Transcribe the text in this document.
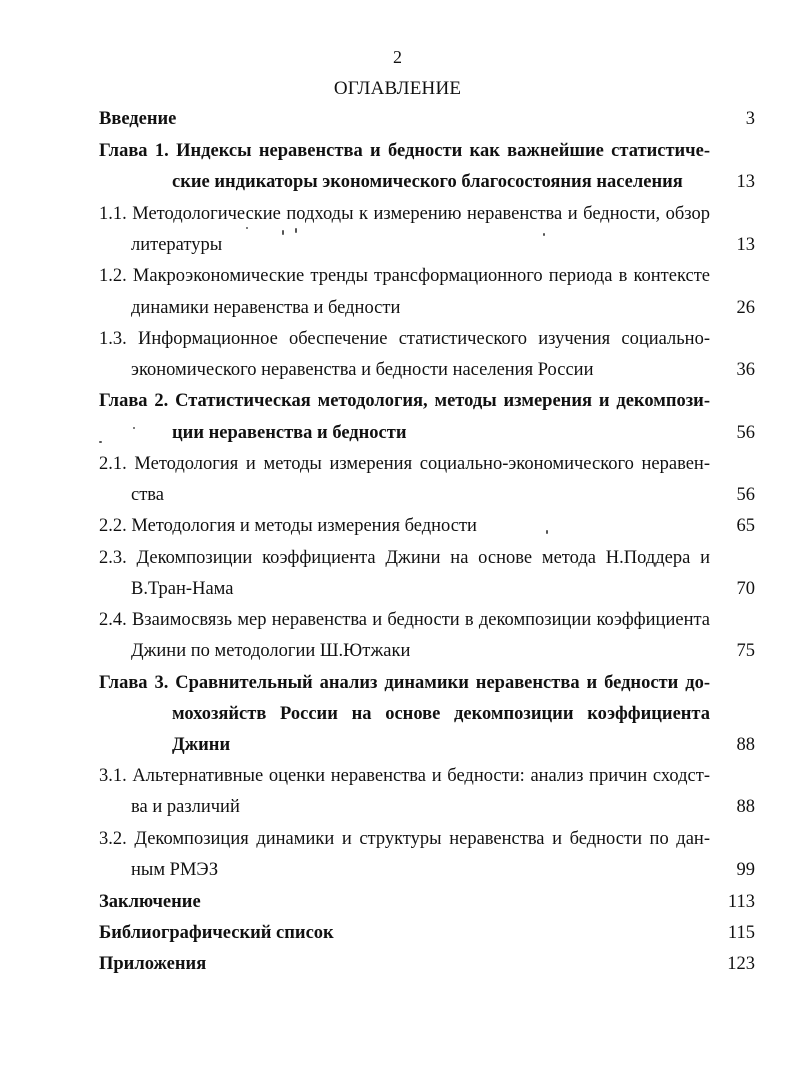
2
ОГЛАВЛЕНИЕ
Введение	3
Глава 1. Индексы неравенства и бедности как важнейшие статистиче-
ские индикаторы экономического благосостояния населения	13
1.1. Методологические подходы к измерению неравенства и бедности, обзор
литературы	13
1.2. Макроэкономические тренды трансформационного периода в контексте
динамики неравенства и бедности	26
1.3. Информационное обеспечение статистического изучения социально-
экономического неравенства и бедности населения России	36
Глава 2. Статистическая методология, методы измерения и декомпози-
ции неравенства и бедности	56
2.1. Методология и методы измерения социально-экономического неравен-
ства	56
2.2. Методология и методы измерения бедности	65
2.3. Декомпозиции коэффициента Джини на основе метода Н.Поддера и
В.Тран-Нама	70
2.4. Взаимосвязь мер неравенства и бедности в декомпозиции коэффициента
Джини по методологии Ш.Ютжаки	75
Глава 3. Сравнительный анализ динамики неравенства и бедности до-
мохозяйств России на основе декомпозиции коэффициента
Джини	88
3.1. Альтернативные оценки неравенства и бедности: анализ причин сходст-
ва и различий	88
3.2. Декомпозиция динамики и структуры неравенства и бедности по дан-
ным РМЭЗ	99
Заключение	113
Библиографический список	115
Приложения	123
